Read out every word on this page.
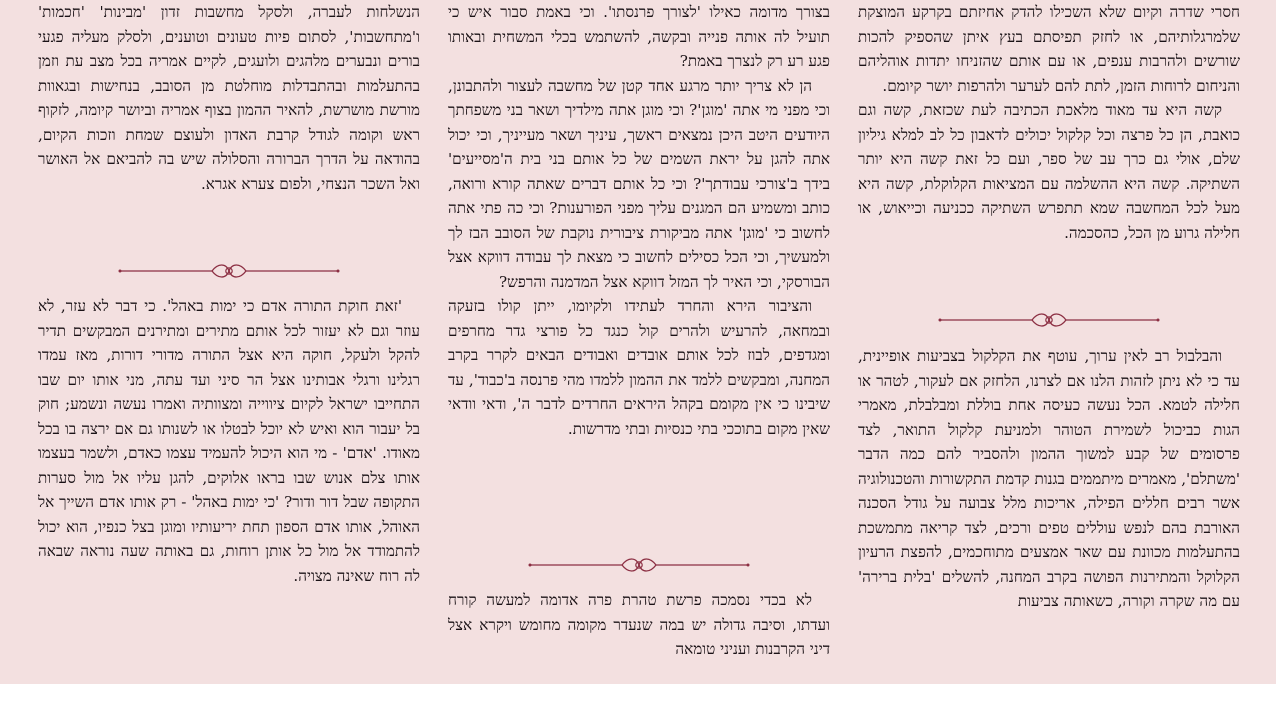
חסרי שדרה וקיום שלא השכילו להדק אחיזתם בקרקע המוצקת שלמרגלותיהם, או לחזק תפיסתם בעץ איתן שהספיק להכות שורשים ולהרבות ענפים, או עם אותם שהזניחו יתדות אוהליהם והניחום לרוחות הזמן, לתת להם לערער ולהרפות יושר קיומם.

קשה היא עד מאוד מלאכת הכתיבה לעת שכזאת, קשה וגם כואבת, הן כל פרצה וכל קלקול יכולים לדאבון כל לב למלא גיליון שלם, אולי גם כרך עב של ספר, ועם כל זאת קשה היא יותר השתיקה. קשה היא ההשלמה עם המציאות הקלוקלת, קשה היא מעל לכל המחשבה שמא תתפרש השתיקה ככניעה וכייאוש, או חלילה גרוע מן הכל, כהסכמה.

והבלבול רב לאין ערוך, עוטף את הקלקול בצביעות אופיינית, עד כי לא ניתן לזהות הלנו אם לצרנו, הלחזק אם לעקור, לטהר או חלילה לטמא. הכל נעשה כעיסה אחת בוללת ומבלבלת, מאמרי הגות כביכול לשמירת הטוהר ולמניעת קלקול התואר, לצד פרסומים של קבע למשוך ההמון ולהסביר להם כמה הדבר 'משתלם', מאמרים מיתממים בגנות קדמת התקשורות והטכנולוגיה אשר רבים חללים הפילה, אריכות מלל צבועה על גודל הסכנה האורבת בהם לנפש עוללים טפים ורכים, לצד קריאה מתמשכת בהתעלמות מכוונת עם שאר אמצעים מתוחכמים, להפצת הרעיון הקלוקל והמתירנות הפושה בקרב המחנה, להשלים 'בלית ברירה' עם מה שקרה וקורה, כשאותה צביעות

בצורך מדומה כאילו 'לצורך פרנסתו'. וכי באמת סבור איש כי תועיל לה אותה פנייה ובקשה, להשתמש בכלי המשחית ובאותו פגע רע רק לנצרך באמת?

הן לא צריך יותר מרגע אחד קטן של מחשבה לעצור ולהתבונן, וכי מפני מי אתה 'מוגן'? וכי מוגן אתה מילדיך ושאר בני משפחתך היודעים היטב היכן נמצאים ראשך, עיניך ושאר מעייניך, וכי יכול אתה להגן על יראת השמים של כל אותם בני בית ה'מסייעים' בידך ב'צורכי עבודתך'? וכי כל אותם דברים שאתה קורא ורואה, כותב ומשמיע הם המגנים עליך מפני הפורענות? וכי כה פתי אתה לחשוב כי 'מוגן' אתה מביקורת ציבורית נוקבת של הסובב הבז לך ולמעשיך, וכי הכל כסילים לחשוב כי מצאת לך עבודה דווקא אצל הבורסקי, וכי האיר לך המזל דווקא אצל המדמנה והרפש?

והציבור הירא והחרד לעתידו ולקיומו, ייתן קולו בזעקה ובמחאה, להרעיש ולהרים קול כנגד כל פורצי גדר מחרפים ומגדפים, לבוז לכל אותם אובדים ואבודים הבאים לקרר בקרב המחנה, ומבקשים ללמד את ההמון ללמדו מהי פרנסה ב'כבוד', עד שיבינו כי אין מקומם בקהל היראים החרדים לדבר ה', ודאי וודאי שאין מקום בתוככי בתי כנסיות ובתי מדרשות.

לא בכדי נסמכה פרשת טהרת פרה אדומה למעשה קורח ועדתו, וסיבה גדולה יש במה שנעדר מקומה מחומש ויקרא אצל דיני הקרבנות ועניני טומאה

הנשלחות לעברה, ולסקל מחשבות זדון 'מבינות' 'חכמות' ו'מתחשבות', לסתום פיות טעונים וטוענים, ולסלק מעליה פגעי בורים ונבערים מלהגים ולועגים, לקיים אמריה בכל מצב עת וזמן בהתעלמות ובהתבדלות מוחלטת מן הסובב, בנחישות ובגאוות מורשת מושרשת, להאיר ההמון בצוף אמריה וביושר קיומה, לזקוף ראש וקומה לגודל קרבת האדון ולעוצם שמחת וזכות הקיום, בהודאה על הדרך הברורה והסלולה שיש בה להביאם אל האושר ואל השכר הנצחי, ולפום צערא אגרא.

'זאת חוקת התורה אדם כי ימות באהל'. כי דבר לא עזר, לא עוזר וגם לא יעזור לכל אותם מתירים ומתירנים המבקשים תדיר להקל ולעקל, חוקה היא אצל התורה מדורי דורות, מאז עמדו רגלינו ורגלי אבותינו אצל הר סיני ועד עתה, מני אותו יום שבו התחייבו ישראל לקיום ציווייה ומצוותיה ואמרו נעשה ונשמע; חוק בל יעבור הוא ואיש לא יוכל לבטלו או לשנותו גם אם ירצה בו בכל מאודו. 'אדם' - מי הוא היכול להעמיד עצמו כאדם, ולשמר בעצמו אותו צלם אנוש שבו בראו אלוקים, להגן עליו אל מול סערות התקופה שבל דור ודור? 'כי ימות באהל' - רק אותו אדם השייך אל האוהל, אותו אדם הספון תחת יריעותיו ומוגן בצל כנפיו, הוא יכול להתמודד אל מול כל אותן רוחות, גם באותה שעה נוראה שבאה לה רוח שאינה מצויה.
